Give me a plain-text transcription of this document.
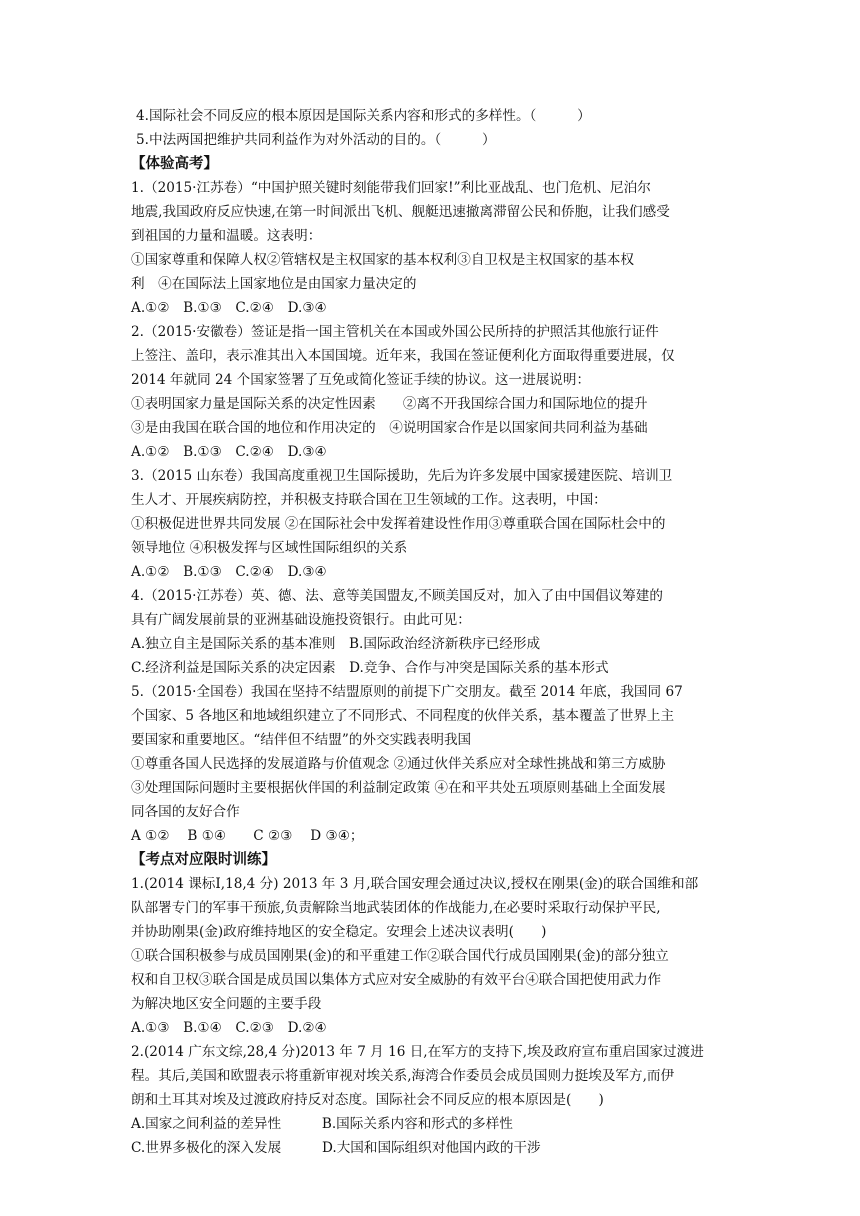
4.国际社会不同反应的根本原因是国际关系内容和形式的多样性。（　　　）
5.中法两国把维护共同利益作为对外活动的目的。（　　　）
【体验高考】
1.（2015·江苏卷）“中国护照关键时刻能带我们回家!”利比亚战乱、也门危机、尼泊尔
地震,我国政府反应快速,在第一时间派出飞机、舰艇迅速撤离滞留公民和侨胞，让我们感受
到祖国的力量和温暖。这表明：
①国家尊重和保障人权②管辖权是主权国家的基本权利③自卫权是主权国家的基本权
利　④在国际法上国家地位是由国家力量决定的
A.①②　B.①③　C.②④　D.③④
2.（2015·安徽卷）签证是指一国主管机关在本国或外国公民所持的护照活其他旅行证件
上签注、盖印，表示准其出入本国国境。近年来，我国在签证便利化方面取得重要进展，仅
2014 年就同 24 个国家签署了互免或简化签证手续的协议。这一进展说明：
①表明国家力量是国际关系的决定性因素　　②离不开我国综合国力和国际地位的提升
③是由我国在联合国的地位和作用决定的　④说明国家合作是以国家间共同利益为基础
A.①②　B.①③　C.②④　D.③④
3.（2015 山东卷）我国高度重视卫生国际援助，先后为许多发展中国家援建医院、培训卫
生人才、开展疾病防控，并积极支持联合国在卫生领域的工作。这表明，中国：
①积极促进世界共同发展 ②在国际社会中发挥着建设性作用③尊重联合国在国际杜会中的
领导地位 ④积极发挥与区域性国际组织的关系
A.①②　B.①③　C.②④　D.③④
4.（2015·江苏卷）英、德、法、意等美国盟友,不顾美国反对，加入了由中国倡议筹建的
具有广阔发展前景的亚洲基础设施投资银行。由此可见：
A.独立自主是国际关系的基本准则　B.国际政治经济新秩序已经形成
C.经济利益是国际关系的决定因素　D.竞争、合作与冲突是国际关系的基本形式
5.（2015·全国卷）我国在坚持不结盟原则的前提下广交朋友。截至 2014 年底，我国同 67
个国家、5 各地区和地域组织建立了不同形式、不同程度的伙伴关系，基本覆盖了世界上主
要国家和重要地区。“结伴但不结盟”的外交实践表明我国
①尊重各国人民选择的发展道路与价值观念 ②通过伙伴关系应对全球性挑战和第三方威胁
③处理国际问题时主要根据伙伴国的利益制定政策 ④在和平共处五项原则基础上全面发展
同各国的友好合作
A ①②　 B ①④　　C ②③　 D ③④；
【考点对应限时训练】
1.(2014 课标Ⅰ,18,4 分) 2013 年 3 月,联合国安理会通过决议,授权在刚果(金)的联合国维和部
队部署专门的军事干预旅,负责解除当地武装团体的作战能力,在必要时采取行动保护平民,
并协助刚果(金)政府维持地区的安全稳定。安理会上述决议表明(　　)
①联合国积极参与成员国刚果(金)的和平重建工作②联合国代行成员国刚果(金)的部分独立
权和自卫权③联合国是成员国以集体方式应对安全威胁的有效平台④联合国把使用武力作
为解决地区安全问题的主要手段
A.①③　B.①④　C.②③　D.②④
2.(2014 广东文综,28,4 分)2013 年 7 月 16 日,在军方的支持下,埃及政府宣布重启国家过渡进
程。其后,美国和欧盟表示将重新审视对埃关系,海湾合作委员会成员国则力挺埃及军方,而伊
朗和土耳其对埃及过渡政府持反对态度。国际社会不同反应的根本原因是(　　)
A.国家之间利益的差异性　　　B.国际关系内容和形式的多样性
C.世界多极化的深入发展　　　D.大国和国际组织对他国内政的干涉
